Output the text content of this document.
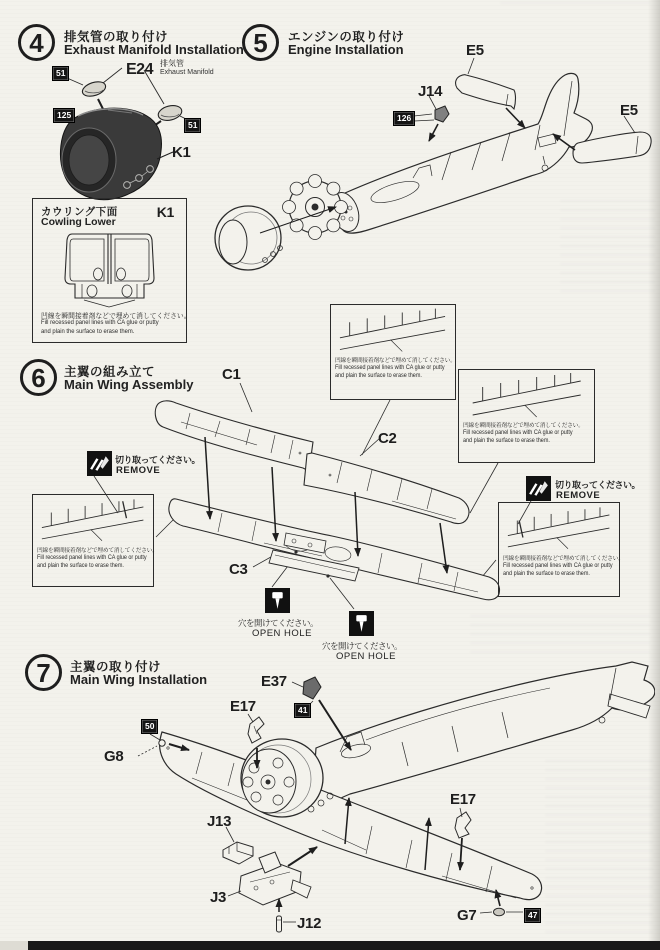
4 排気管の取り付け
Exhaust Manifold Installation
51	E24 排気管
Exhaust Manifold
125
51
K1
カウリング下面
Cowling Lower
K1
凹線を瞬間接着剤などで埋めて消してください。
Fill recessed panel lines with CA glue or putty
and plain the surface to erase them.
5 エンジンの取り付け
Engine Installation	E5
J14
126	E5
6 主翼の組み立て
Main Wing Assembly
C1
C2
C3
凹線を瞬間接着剤などで埋めて消してください。
Fill recessed panel lines with CA glue or putty
and plain the surface to erase them.
凹線を瞬間接着剤などで埋めて消してください。
Fill recessed panel lines with CA glue or putty
and plain the surface to erase them.
凹線を瞬間接着剤などで埋めて消してください。
Fill recessed panel lines with CA glue or putty
and plain the surface to erase them.
凹線を瞬間接着剤などで埋めて消してください。
Fill recessed panel lines with CA glue or putty
and plain the surface to erase them.
切り取ってください。
REMOVE
切り取ってください。
REMOVE
穴を開けてください。
OPEN HOLE
穴を開けてください。
OPEN HOLE
7 主翼の取り付け
Main Wing Installation	E37
41
E17
50
G8
E17
J13
J3
J12	G7	47
